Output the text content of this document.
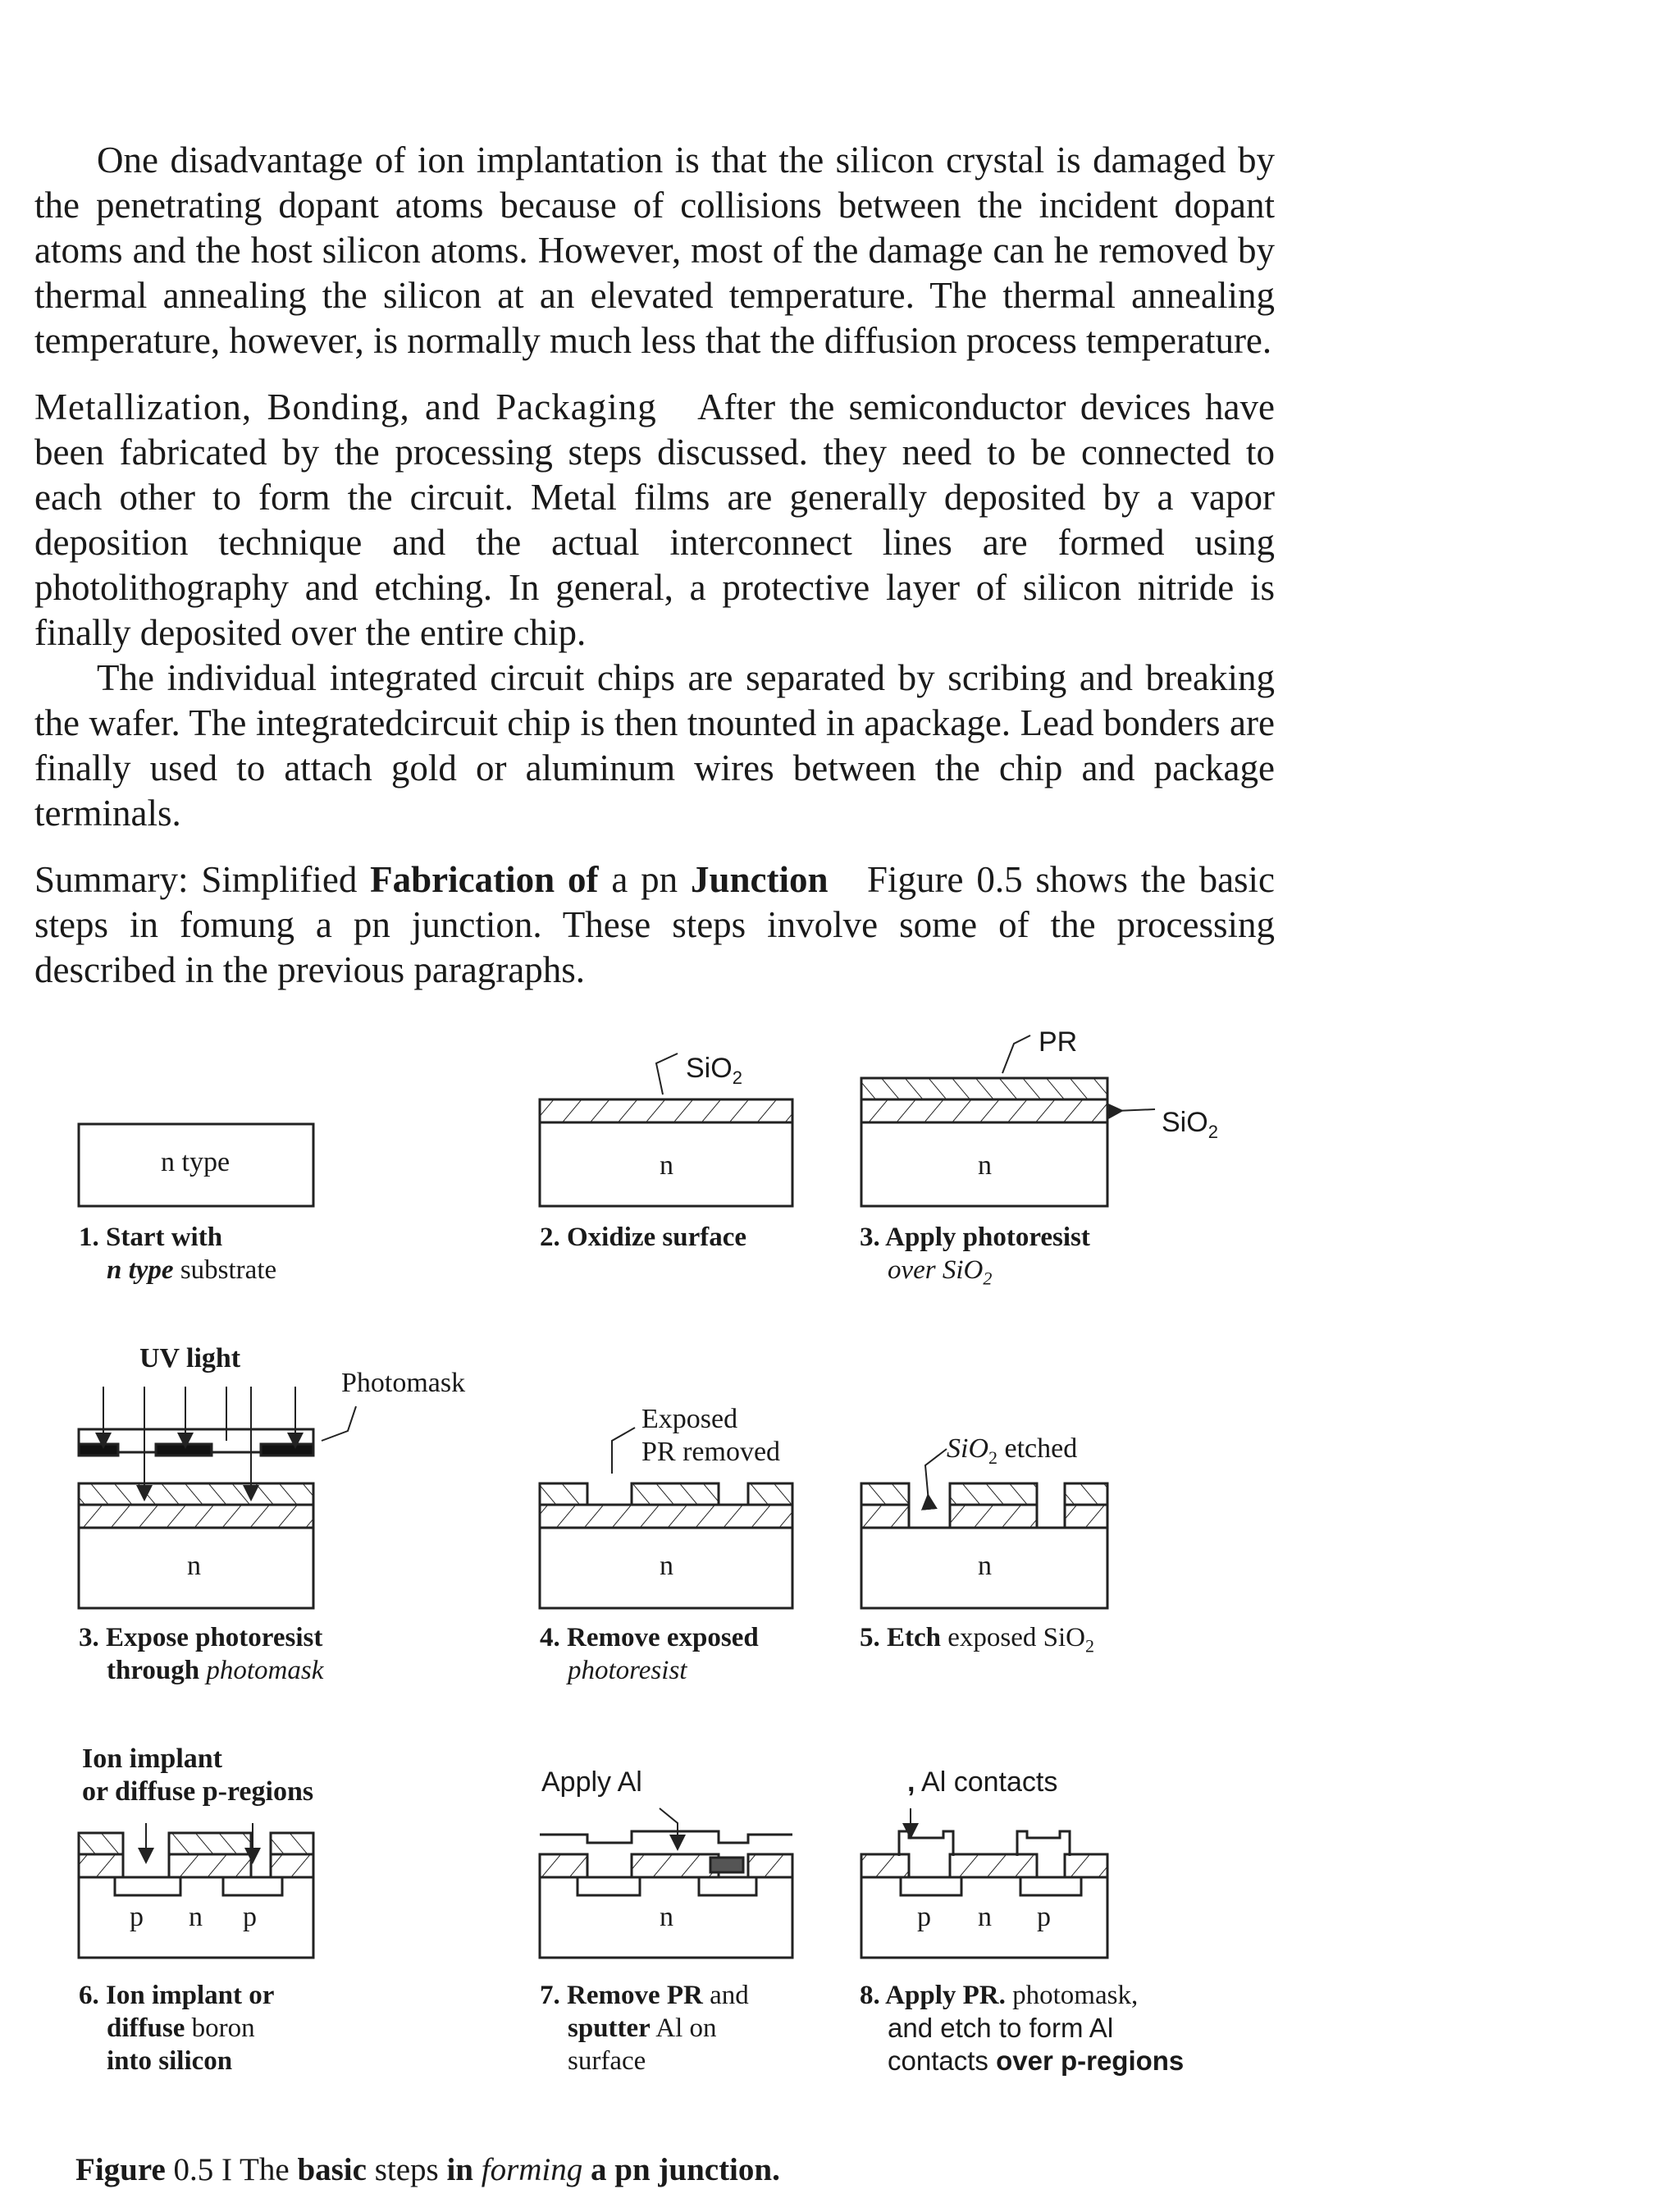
One disadvantage of ion implantation is that the silicon crystal is damaged by the penetrating dopant atoms because of collisions between the incident dopant atoms and the host silicon atoms. However, most of the damage can he removed by thermal annealing the silicon at an elevated temperature. The thermal annealing temperature, however, is normally much less that the diffusion process temperature.

Metallization, Bonding, and Packaging After the semiconductor devices have been fabricated by the processing steps discussed. they need to be connected to each other to form the circuit. Metal films are generally deposited by a vapor deposition technique and the actual interconnect lines are formed using photolithography and etching. In general, a protective layer of silicon nitride is finally deposited over the entire chip.

The individual integrated circuit chips are separated by scribing and breaking the wafer. The integratedcircuit chip is then tnounted in apackage. Lead bonders are finally used to attach gold or aluminum wires between the chip and package terminals.

Summary: Simplified Fabrication of a pn Junction Figure 0.5 shows the basic steps in fomung a pn junction. These steps involve some of the processing described in the previous paragraphs.

n type	n	n
n	n	n
p n p	n	p n p
SiO$_2$
PR
SiO$_2$
UV light
Photomask
Exposed
PR removed	SiO$_2$ etched
Ion implant
or diffuse p-regions	Apply Al	, Al contacts
1. Start with
n type substrate
2. Oxidize surface	3. Apply photoresist
over SiO$_2$
3. Expose photoresist
through photomask
4. Remove exposed
photoresist
5. Etch exposed SiO$_2$
6. Ion implant or
diffuse boron
into silicon
7. Remove PR and
sputter Al on
surface
8. Apply PR. photomask,
and etch to form Al
contacts over p-regions
Figure 0.5 I The basic steps in forming a pn junction.
